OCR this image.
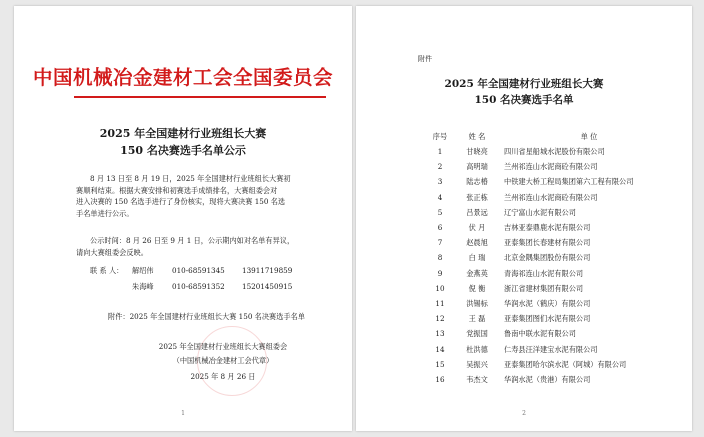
中国机械冶金建材工会全国委员会
2025 年全国建材行业班组长大赛
150 名决赛选手名单公示
8 月 13 日至 8 月 19 日，2025 年全国建材行业班组长大赛初
赛顺利结束。根据大赛安排和初赛选手成绩排名，大赛组委会对
进入决赛的 150 名选手进行了身份核实，现将大赛决赛 150 名选
手名单进行公示。
公示时间：8 月 26 日至 9 月 1 日，公示期内如对名单有异议，
请向大赛组委会反映。
联 系 人： 解绍伟	010-68591345 13911719859
朱海峰	010-68591352 15201450915
附件：2025 年全国建材行业班组长大赛 150 名决赛选手名单
2025 年全国建材行业班组长大赛组委会
（中国机械冶金建材工会代章）
2025 年 8 月 26 日
1
附件
2025 年全国建材行业班组长大赛
150 名决赛选手名单
序号	姓 名	单 位
1	甘晓亮	四川省星船城水泥股份有限公司
2	高明瑞	兰州祁连山水泥商砼有限公司
3	陆志椿	中铁建大桥工程局集团第六工程有限公司
4	张正栋	兰州祁连山水泥商砼有限公司
5	吕景远	辽宁富山水泥有限公司
6	伏 月	吉林亚泰鼎鹿水泥有限公司
7	赵晨旭	亚泰集团长春建材有限公司
8	白 瑞	北京金隅集团股份有限公司
9	金燕英	青海祁连山水泥有限公司
10	倪 衡	浙江省建材集团有限公司
11	洪锡标	华润水泥（鹤庆）有限公司
12	王 磊	亚泰集团图们水泥有限公司
13	党振国	鲁南中联水泥有限公司
14	杜洪德	仁寿县汪洋建宝水泥有限公司
15	吴振兴	亚泰集团哈尔滨水泥（阿城）有限公司
16	韦杰文	华润水泥（贵港）有限公司
2
